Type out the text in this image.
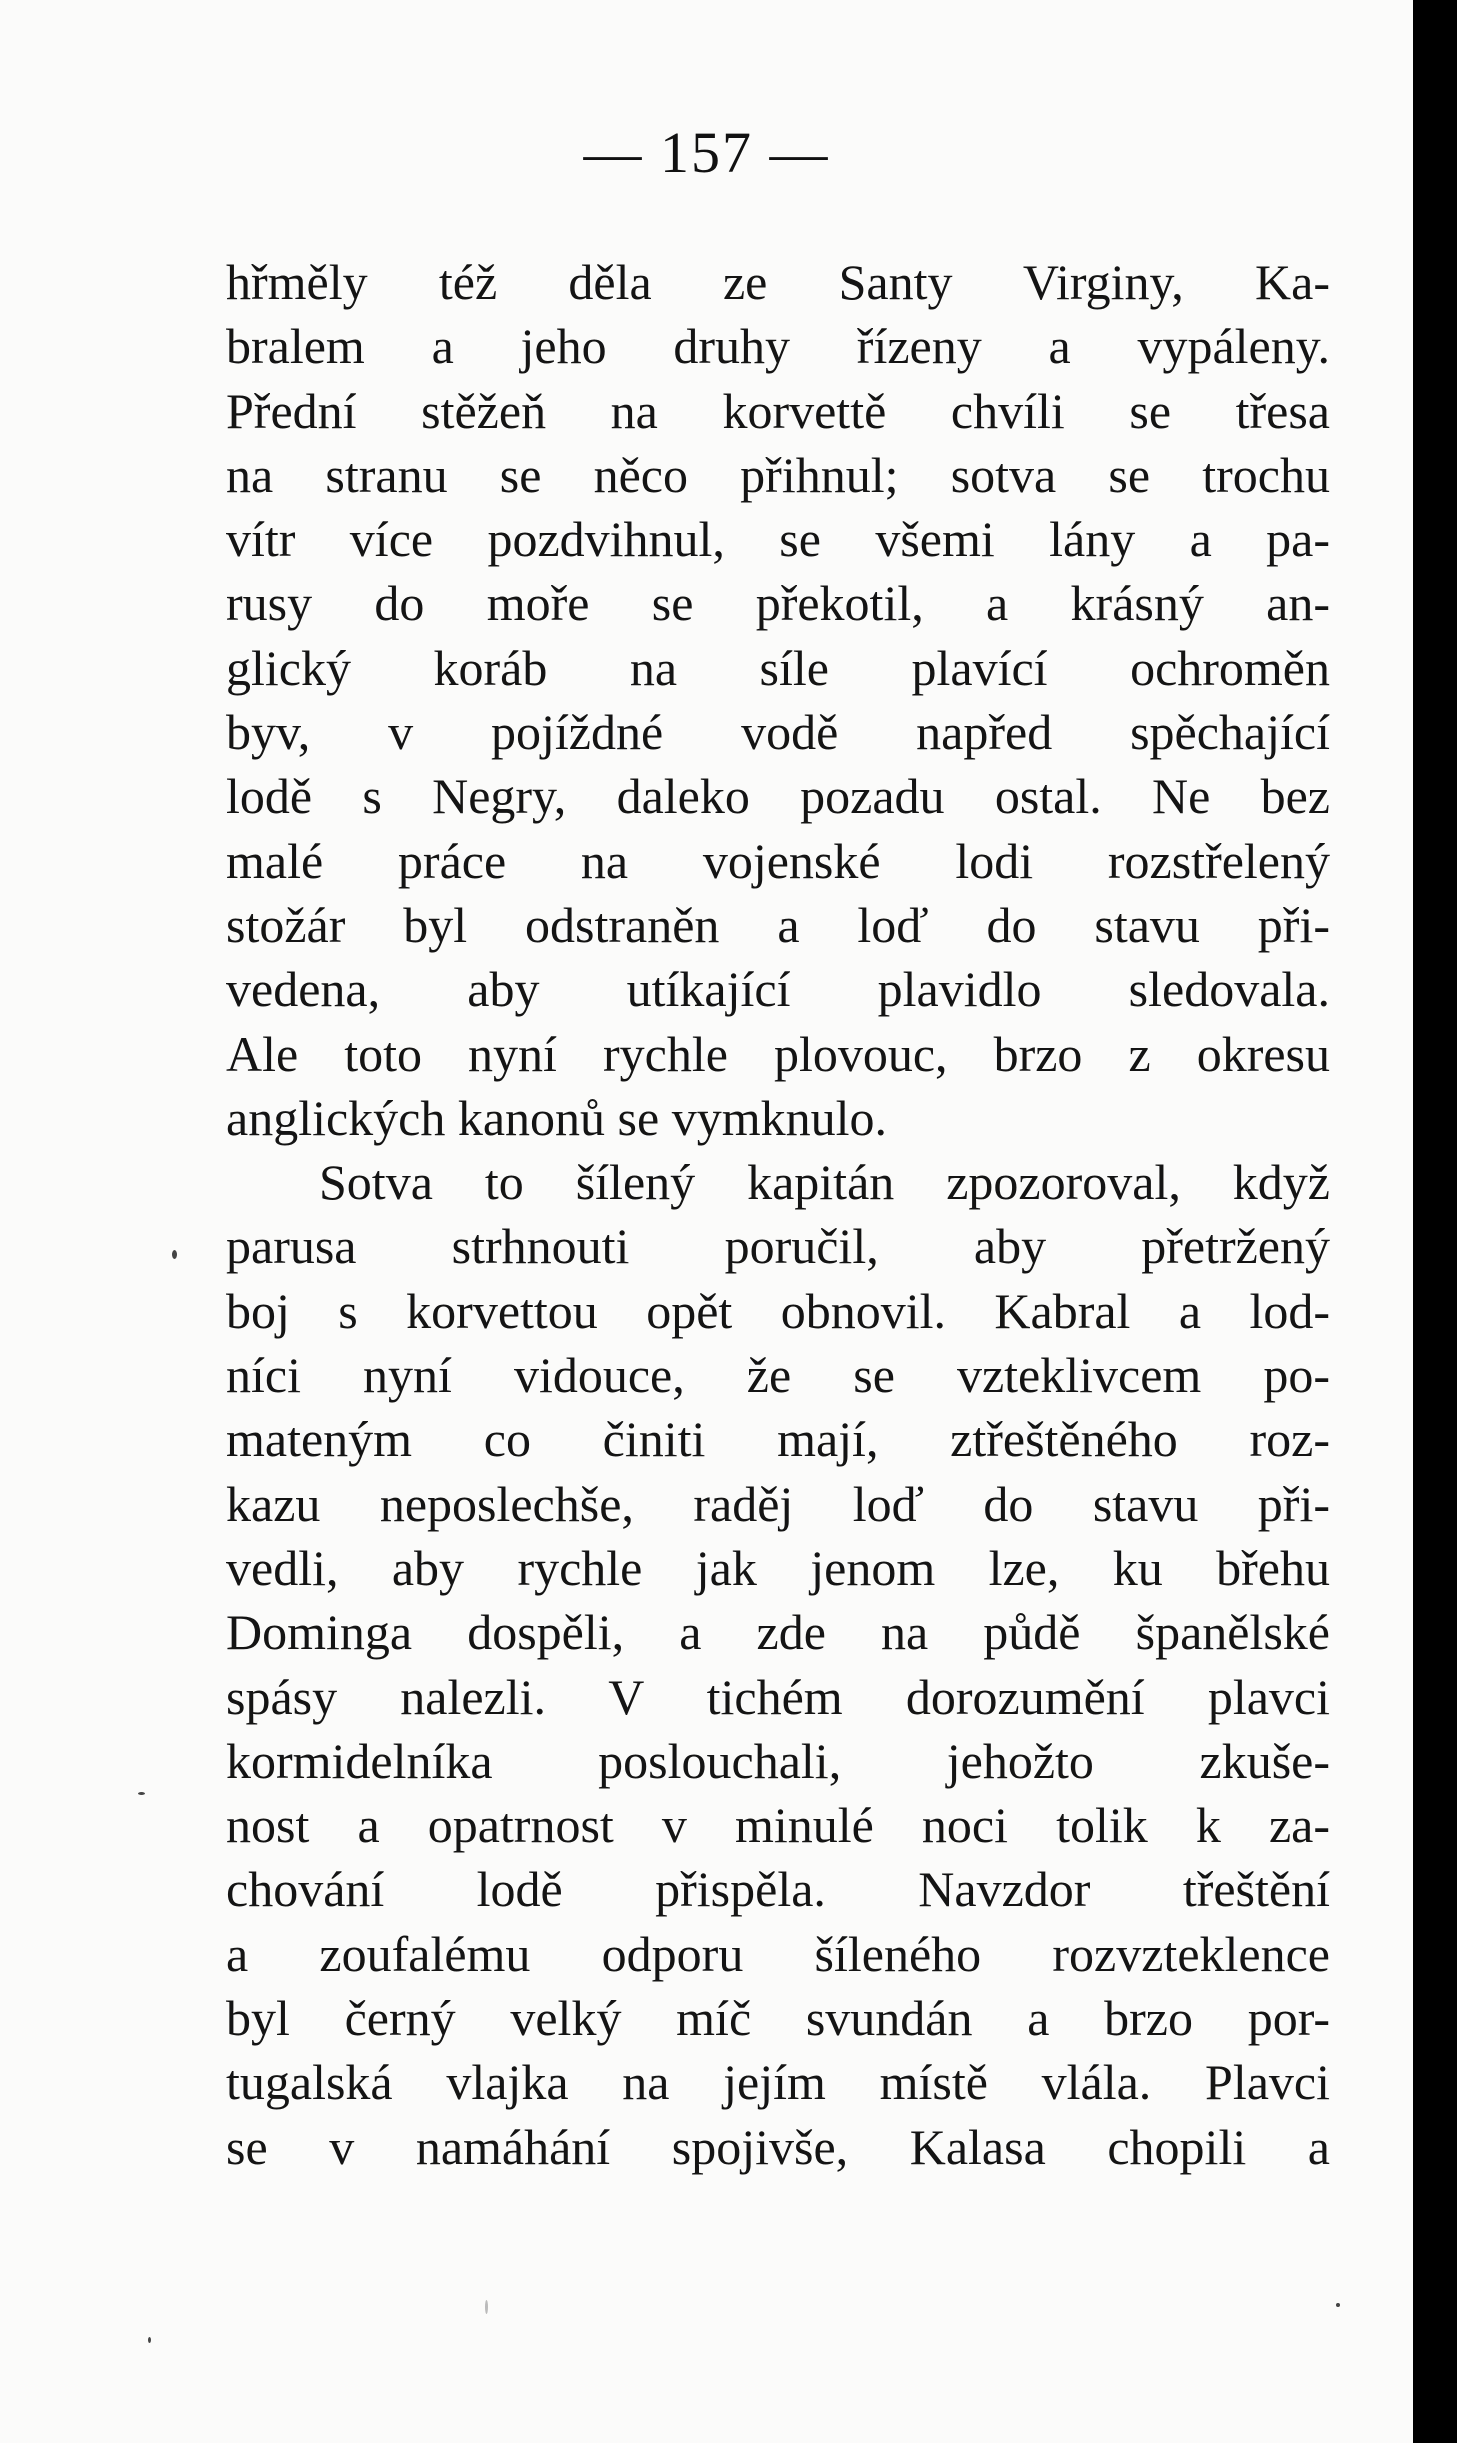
— 157 —
hřměly též děla ze Santy Virginy, Ka-
bralem a jeho druhy řízeny a vypáleny.
Přední stěžeň na korvettě chvíli se třesa
na stranu se něco přihnul; sotva se trochu
vítr více pozdvihnul, se všemi lány a pa-
rusy do moře se překotil, a krásný an-
glický koráb na síle plavící ochroměn
byv, v pojíždné vodě napřed spěchající
lodě s Negry, daleko pozadu ostal. Ne bez
malé práce na vojenské lodi rozstřelený
stožár byl odstraněn a loď do stavu při-
vedena, aby utíkající plavidlo sledovala.
Ale toto nyní rychle plovouc, brzo z okresu
anglických kanonů se vymknulo.
Sotva to šílený kapitán zpozoroval, když
parusa strhnouti poručil, aby přetržený
boj s korvettou opět obnovil. Kabral a lod-
níci nyní vidouce, že se vzteklivcem po-
mateným co činiti mají, ztřeštěného roz-
kazu neposlechše, raděj loď do stavu při-
vedli, aby rychle jak jenom lze, ku břehu
Dominga dospěli, a zde na půdě španělské
spásy nalezli. V tichém dorozumění plavci
kormidelníka poslouchali, jehožto zkuše-
nost a opatrnost v minulé noci tolik k za-
chování lodě přispěla. Navzdor třeštění
a zoufalému odporu šíleného rozvzteklence
byl černý velký míč svundán a brzo por-
tugalská vlajka na jejím místě vlála. Plavci
se v namáhání spojivše, Kalasa chopili a
